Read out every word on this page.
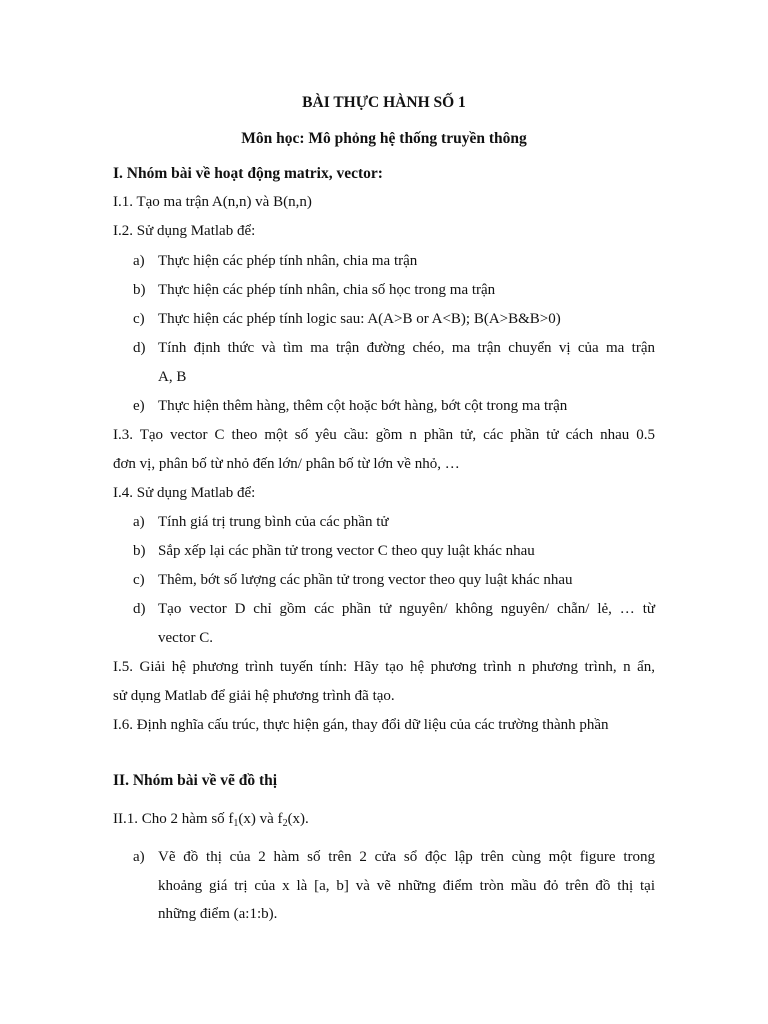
BÀI THỰC HÀNH SỐ 1
Môn học: Mô phỏng hệ thống truyền thông
I. Nhóm bài về hoạt động matrix, vector:
I.1. Tạo ma trận A(n,n) và B(n,n)
I.2. Sử dụng Matlab để:
a) Thực hiện các phép tính nhân, chia ma trận
b) Thực hiện các phép tính nhân, chia số học trong ma trận
c) Thực hiện các phép tính logic sau: A(A>B or A<B); B(A>B&B>0)
d) Tính định thức và tìm ma trận đường chéo, ma trận chuyển vị của ma trận
A, B
e) Thực hiện thêm hàng, thêm cột hoặc bớt hàng, bớt cột trong ma trận
I.3. Tạo vector C theo một số yêu cầu: gồm n phần tử, các phần tử cách nhau 0.5
đơn vị, phân bố từ nhỏ đến lớn/ phân bố từ lớn về nhỏ, …
I.4. Sử dụng Matlab để:
a) Tính giá trị trung bình của các phần tử
b) Sắp xếp lại các phần tử trong vector C theo quy luật khác nhau
c) Thêm, bớt số lượng các phần tử trong vector theo quy luật khác nhau
d) Tạo vector D chỉ gồm các phần tử nguyên/ không nguyên/ chẵn/ lẻ, … từ
vector C.
I.5. Giải hệ phương trình tuyến tính: Hãy tạo hệ phương trình n phương trình, n ẩn,
sử dụng Matlab để giải hệ phương trình đã tạo.
I.6. Định nghĩa cấu trúc, thực hiện gán, thay đổi dữ liệu của các trường thành phần
II. Nhóm bài về vẽ đồ thị
II.1. Cho 2 hàm số $f_1(x)$ và $f_2(x)$.
a) Vẽ đồ thị của 2 hàm số trên 2 cửa sổ độc lập trên cùng một figure trong
khoảng giá trị của x là [a, b] và vẽ những điểm tròn mầu đỏ trên đồ thị tại
những điểm (a:1:b).
